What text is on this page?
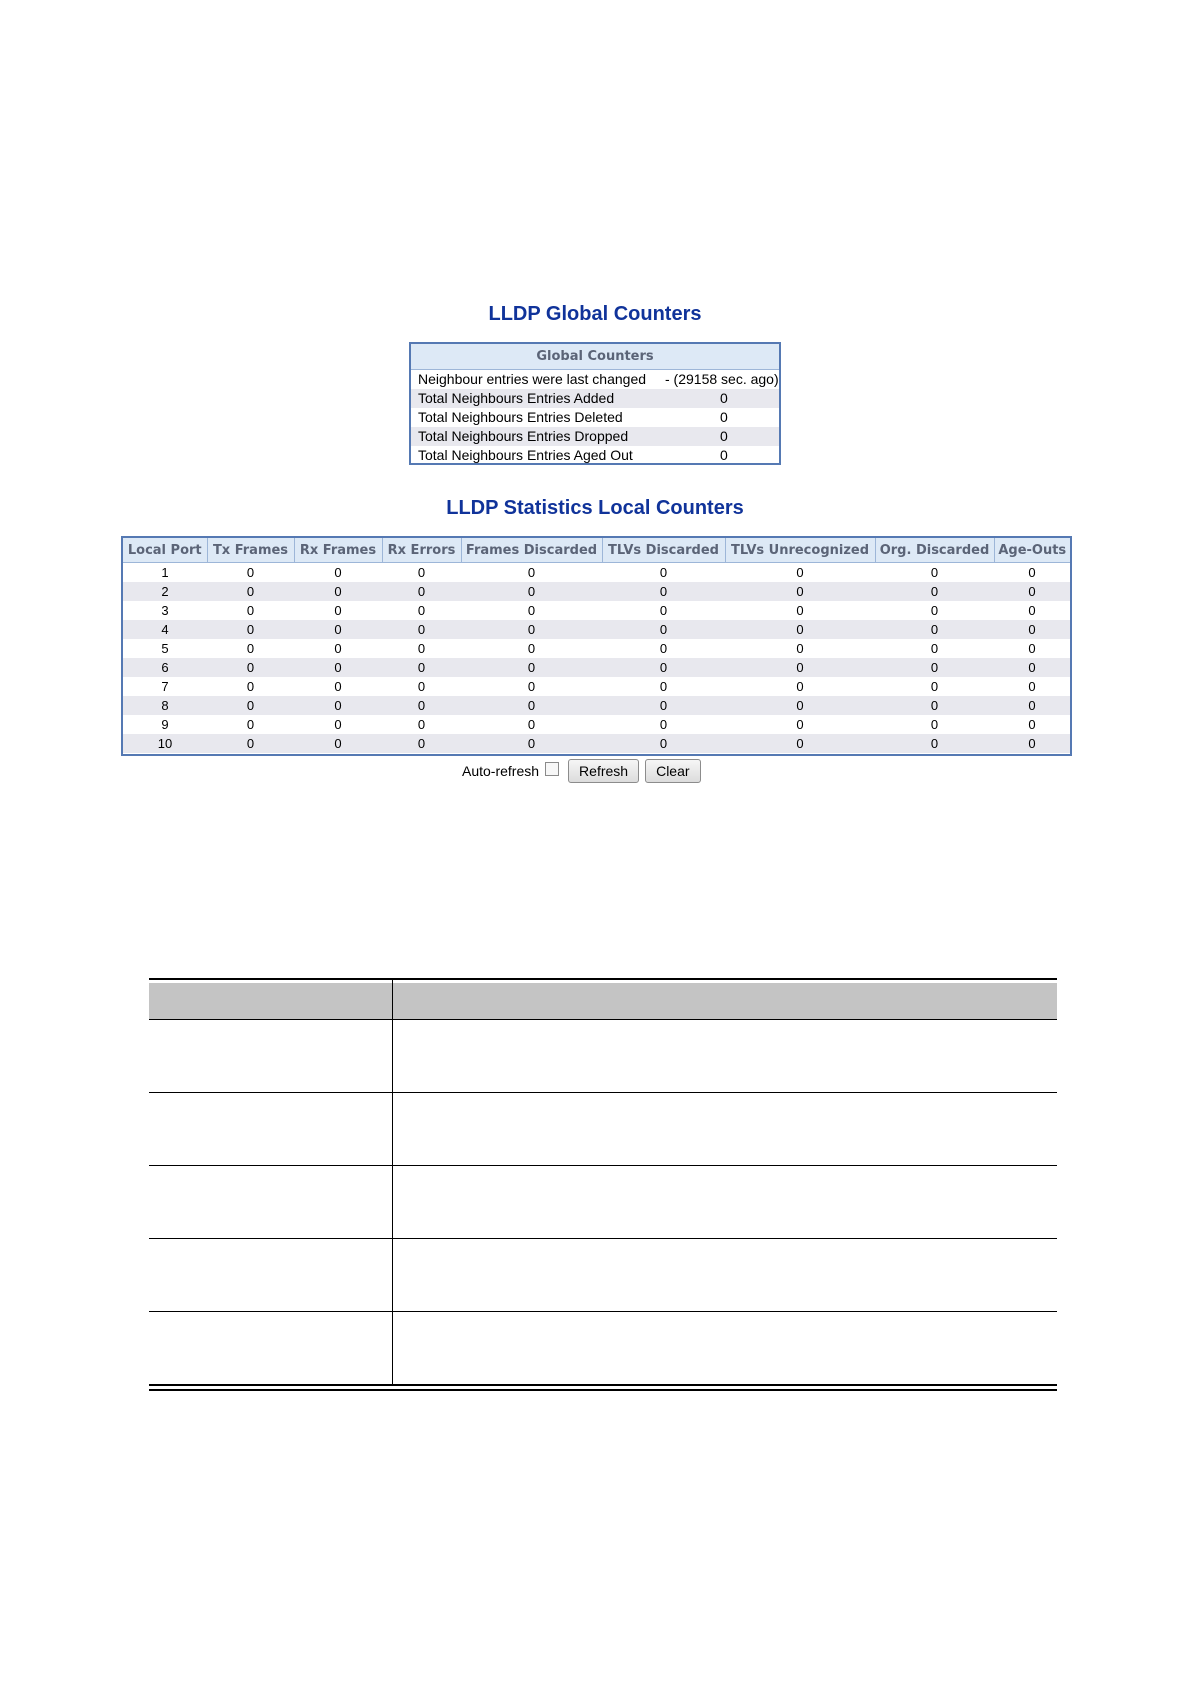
LLDP Global Counters
Global Counters
Neighbour entries were last changed - (29158 sec. ago)
Total Neighbours Entries Added	0
Total Neighbours Entries Deleted	0
Total Neighbours Entries Dropped	0
Total Neighbours Entries Aged Out	0
LLDP Statistics Local Counters
Local Port	Tx Frames	Rx Frames	Rx Errors	Frames Discarded	TLVs Discarded	TLVs Unrecognized	Org. Discarded	Age-Outs
1	0	0	0	0	0	0	0	0
2	0	0	0	0	0	0	0	0
3	0	0	0	0	0	0	0	0
4	0	0	0	0	0	0	0	0
5	0	0	0	0	0	0	0	0
6	0	0	0	0	0	0	0	0
7	0	0	0	0	0	0	0	0
8	0	0	0	0	0	0	0	0
9	0	0	0	0	0	0	0	0
10	0	0	0	0	0	0	0	0
Auto-refresh	Refresh	Clear
